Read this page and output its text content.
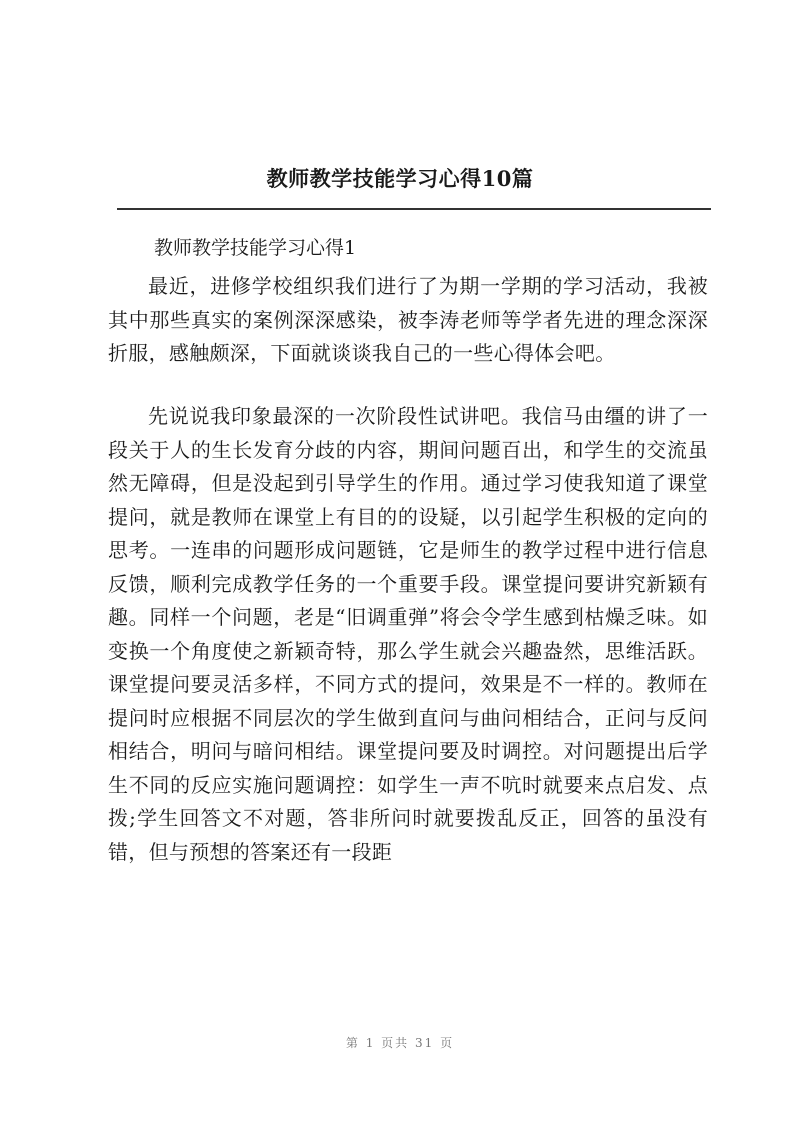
教师教学技能学习心得10篇
教师教学技能学习心得1
最近，进修学校组织我们进行了为期一学期的学习活动，我被其中那些真实的案例深深感染，被李涛老师等学者先进的理念深深折服，感触颇深，下面就谈谈我自己的一些心得体会吧。
先说说我印象最深的一次阶段性试讲吧。我信马由缰的讲了一段关于人的生长发育分歧的内容，期间问题百出，和学生的交流虽然无障碍，但是没起到引导学生的作用。通过学习使我知道了课堂提问，就是教师在课堂上有目的的设疑，以引起学生积极的定向的思考。一连串的问题形成问题链，它是师生的教学过程中进行信息反馈，顺利完成教学任务的一个重要手段。课堂提问要讲究新颖有趣。同样一个问题，老是“旧调重弹”将会令学生感到枯燥乏味。如变换一个角度使之新颖奇特，那么学生就会兴趣盎然，思维活跃。课堂提问要灵活多样，不同方式的提问，效果是不一样的。教师在提问时应根据不同层次的学生做到直问与曲问相结合，正问与反问相结合，明问与暗问相结。课堂提问要及时调控。对问题提出后学生不同的反应实施问题调控：如学生一声不吭时就要来点启发、点拨;学生回答文不对题，答非所问时就要拨乱反正，回答的虽没有错，但与预想的答案还有一段距
第 1 页共 31 页
